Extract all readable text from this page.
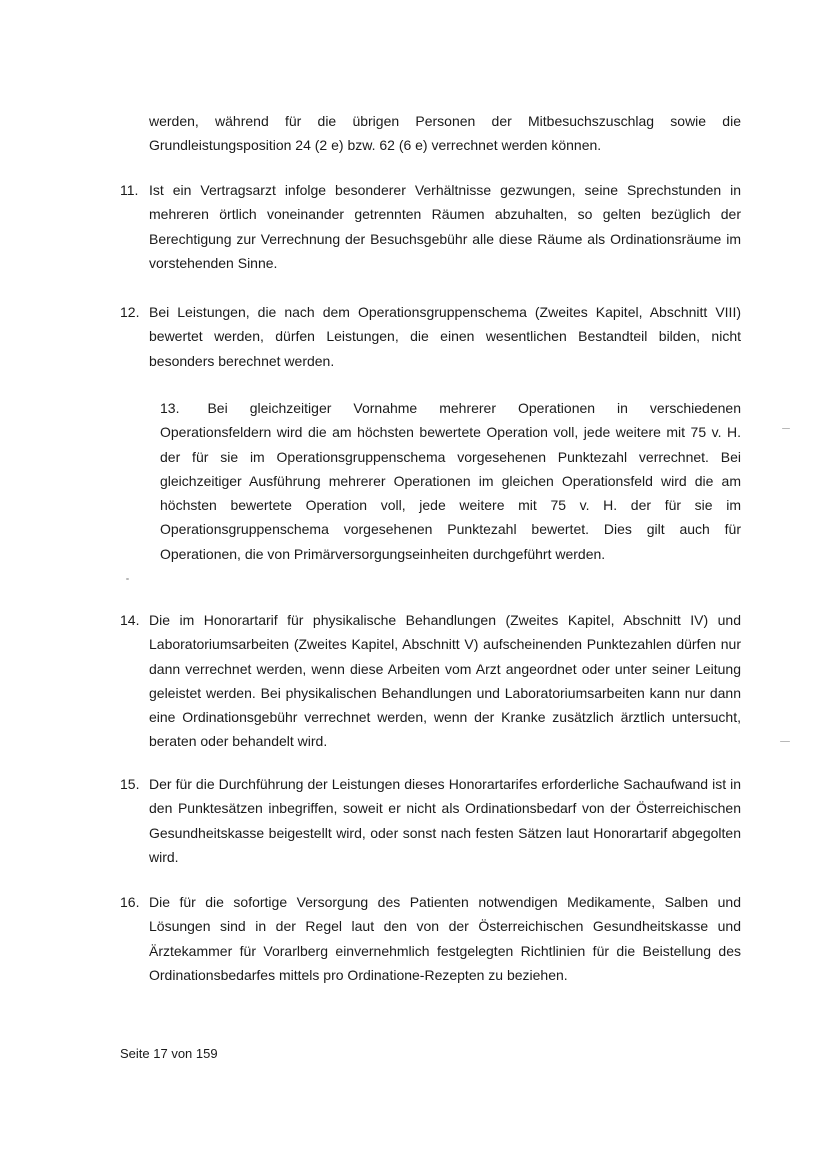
werden, während für die übrigen Personen der Mitbesuchszuschlag sowie die Grundleistungsposition 24 (2 e) bzw. 62 (6 e) verrechnet werden können.
11. Ist ein Vertragsarzt infolge besonderer Verhältnisse gezwungen, seine Sprechstunden in mehreren örtlich voneinander getrennten Räumen abzuhalten, so gelten bezüglich der Berechtigung zur Verrechnung der Besuchsgebühr alle diese Räume als Ordinationsräume im vorstehenden Sinne.
12. Bei Leistungen, die nach dem Operationsgruppenschema (Zweites Kapitel, Abschnitt VIII) bewertet werden, dürfen Leistungen, die einen wesentlichen Bestandteil bilden, nicht besonders berechnet werden.
13. Bei gleichzeitiger Vornahme mehrerer Operationen in verschiedenen Operationsfeldern wird die am höchsten bewertete Operation voll, jede weitere mit 75 v. H. der für sie im Operationsgruppenschema vorgesehenen Punktezahl verrechnet. Bei gleichzeitiger Ausführung mehrerer Operationen im gleichen Operationsfeld wird die am höchsten bewertete Operation voll, jede weitere mit 75 v. H. der für sie im Operationsgruppenschema vorgesehenen Punktezahl bewertet. Dies gilt auch für Operationen, die von Primärversorgungseinheiten durchgeführt werden.
14. Die im Honorartarif für physikalische Behandlungen (Zweites Kapitel, Abschnitt IV) und Laboratoriumsarbeiten (Zweites Kapitel, Abschnitt V) aufscheinenden Punktezahlen dürfen nur dann verrechnet werden, wenn diese Arbeiten vom Arzt angeordnet oder unter seiner Leitung geleistet werden. Bei physikalischen Behandlungen und Laboratoriumsarbeiten kann nur dann eine Ordinationsgebühr verrechnet werden, wenn der Kranke zusätzlich ärztlich untersucht, beraten oder behandelt wird.
15. Der für die Durchführung der Leistungen dieses Honorartarifes erforderliche Sachaufwand ist in den Punktesätzen inbegriffen, soweit er nicht als Ordinationsbedarf von der Österreichischen Gesundheitskasse beigestellt wird, oder sonst nach festen Sätzen laut Honorartarif abgegolten wird.
16. Die für die sofortige Versorgung des Patienten notwendigen Medikamente, Salben und Lösungen sind in der Regel laut den von der Österreichischen Gesundheitskasse und Ärztekammer für Vorarlberg einvernehmlich festgelegten Richtlinien für die Beistellung des Ordinationsbedarfes mittels pro Ordinatione-Rezepten zu beziehen.
Seite 17 von 159
